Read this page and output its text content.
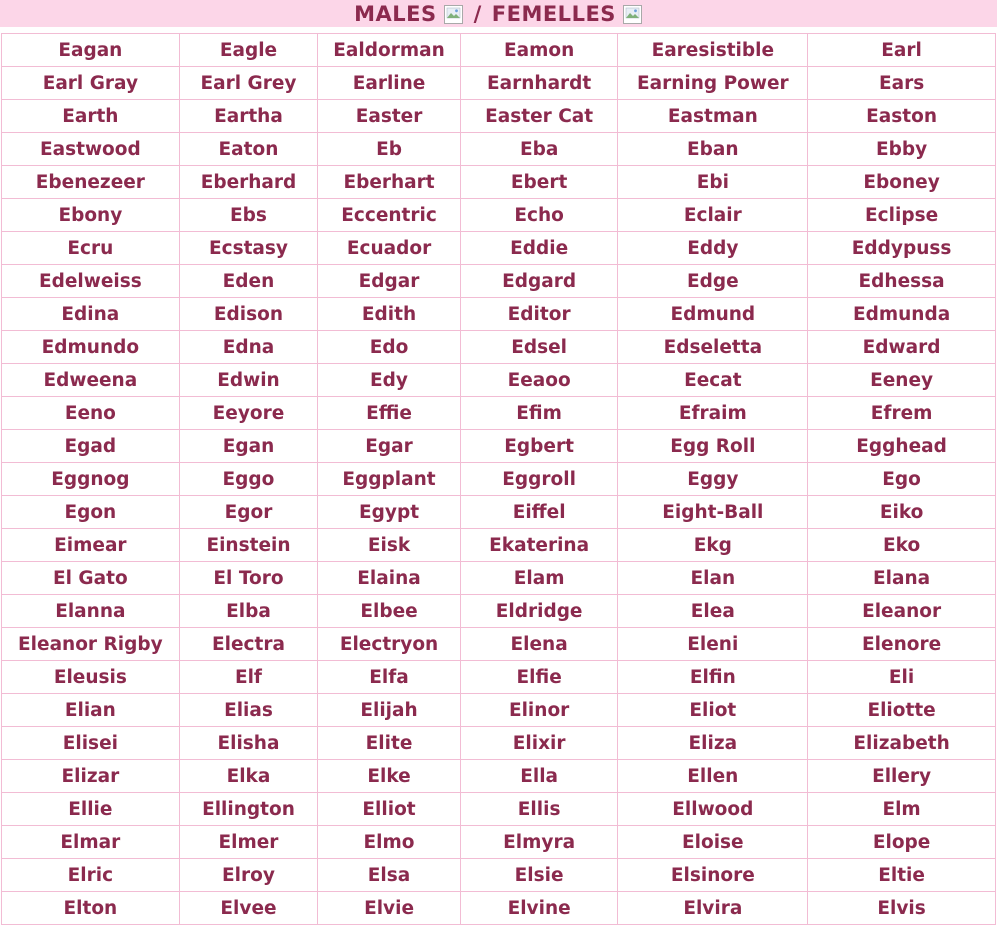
MALES / FEMELLES
Eagan	Eagle	Ealdorman	Eamon	Earesistible	Earl
Earl Gray	Earl Grey	Earline	Earnhardt	Earning Power	Ears
Earth	Eartha	Easter	Easter Cat	Eastman	Easton
Eastwood	Eaton	Eb	Eba	Eban	Ebby
Ebenezeer	Eberhard	Eberhart	Ebert	Ebi	Eboney
Ebony	Ebs	Eccentric	Echo	Eclair	Eclipse
Ecru	Ecstasy	Ecuador	Eddie	Eddy	Eddypuss
Edelweiss	Eden	Edgar	Edgard	Edge	Edhessa
Edina	Edison	Edith	Editor	Edmund	Edmunda
Edmundo	Edna	Edo	Edsel	Edseletta	Edward
Edweena	Edwin	Edy	Eeaoo	Eecat	Eeney
Eeno	Eeyore	Effie	Efim	Efraim	Efrem
Egad	Egan	Egar	Egbert	Egg Roll	Egghead
Eggnog	Eggo	Eggplant	Eggroll	Eggy	Ego
Egon	Egor	Egypt	Eiffel	Eight-Ball	Eiko
Eimear	Einstein	Eisk	Ekaterina	Ekg	Eko
El Gato	El Toro	Elaina	Elam	Elan	Elana
Elanna	Elba	Elbee	Eldridge	Elea	Eleanor
Eleanor Rigby	Electra	Electryon	Elena	Eleni	Elenore
Eleusis	Elf	Elfa	Elfie	Elfin	Eli
Elian	Elias	Elijah	Elinor	Eliot	Eliotte
Elisei	Elisha	Elite	Elixir	Eliza	Elizabeth
Elizar	Elka	Elke	Ella	Ellen	Ellery
Ellie	Ellington	Elliot	Ellis	Ellwood	Elm
Elmar	Elmer	Elmo	Elmyra	Eloise	Elope
Elric	Elroy	Elsa	Elsie	Elsinore	Eltie
Elton	Elvee	Elvie	Elvine	Elvira	Elvis
